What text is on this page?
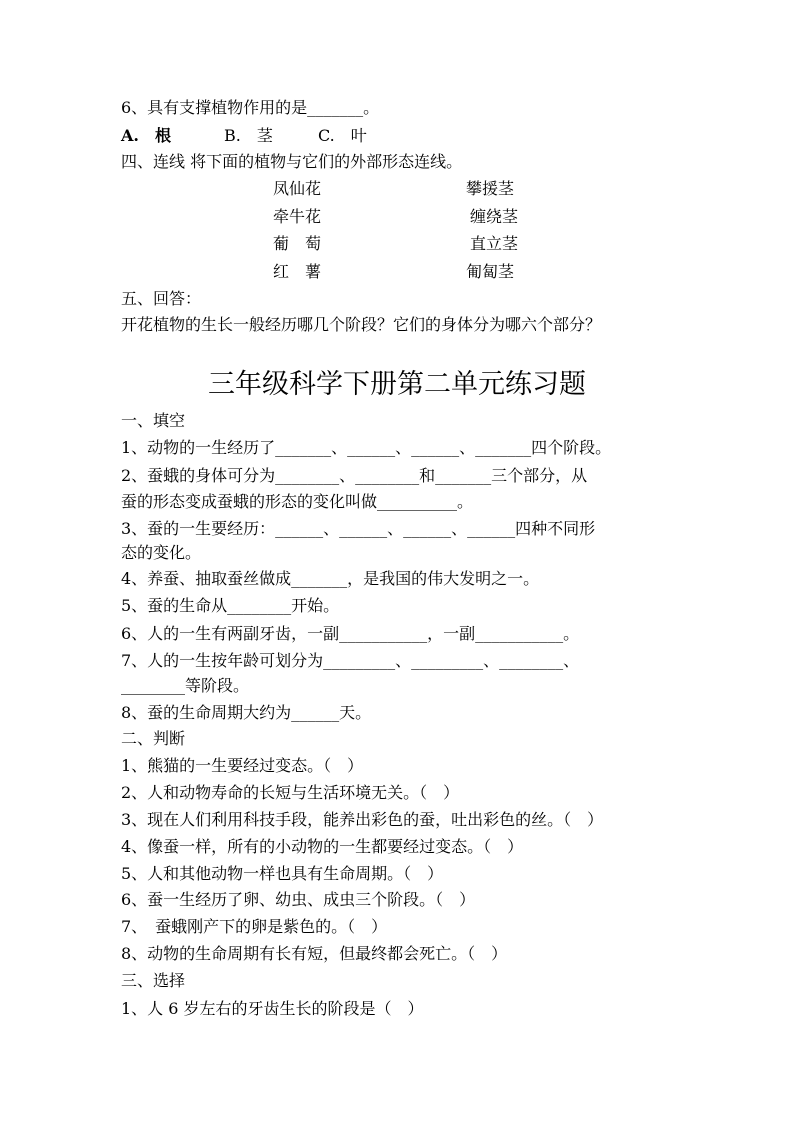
6、具有支撑植物作用的是_______。
A.　根	B.　茎	C.　叶
四、连线 将下面的植物与它们的外部形态连线。
凤仙花	攀援茎
牵牛花	缠绕茎
葡　萄	直立茎
红　薯	匍匐茎
五、回答：
开花植物的生长一般经历哪几个阶段？它们的身体分为哪六个部分？
三年级科学下册第二单元练习题
一、填空
1、动物的一生经历了_______、______、______、_______四个阶段。
2、蚕蛾的身体可分为________、________和_______三个部分，从
蚕的形态变成蚕蛾的形态的变化叫做__________。
3、蚕的一生要经历：______、______、______、______四种不同形
态的变化。
4、养蚕、抽取蚕丝做成_______，是我国的伟大发明之一。
5、蚕的生命从________开始。
6、人的一生有两副牙齿，一副___________，一副___________。
7、人的一生按年龄可划分为_________、_________、________、
________等阶段。
8、蚕的生命周期大约为______天。
二、判断
1、熊猫的一生要经过变态。（　）
2、人和动物寿命的长短与生活环境无关。（　）
3、现在人们利用科技手段，能养出彩色的蚕，吐出彩色的丝。（　）
4、像蚕一样，所有的小动物的一生都要经过变态。（　）
5、人和其他动物一样也具有生命周期。（　）
6、蚕一生经历了卵、幼虫、成虫三个阶段。（　）
7、　蚕蛾刚产下的卵是紫色的。（　）
8、动物的生命周期有长有短，但最终都会死亡。（　）
三、选择
1、人 6 岁左右的牙齿生长的阶段是（　）
